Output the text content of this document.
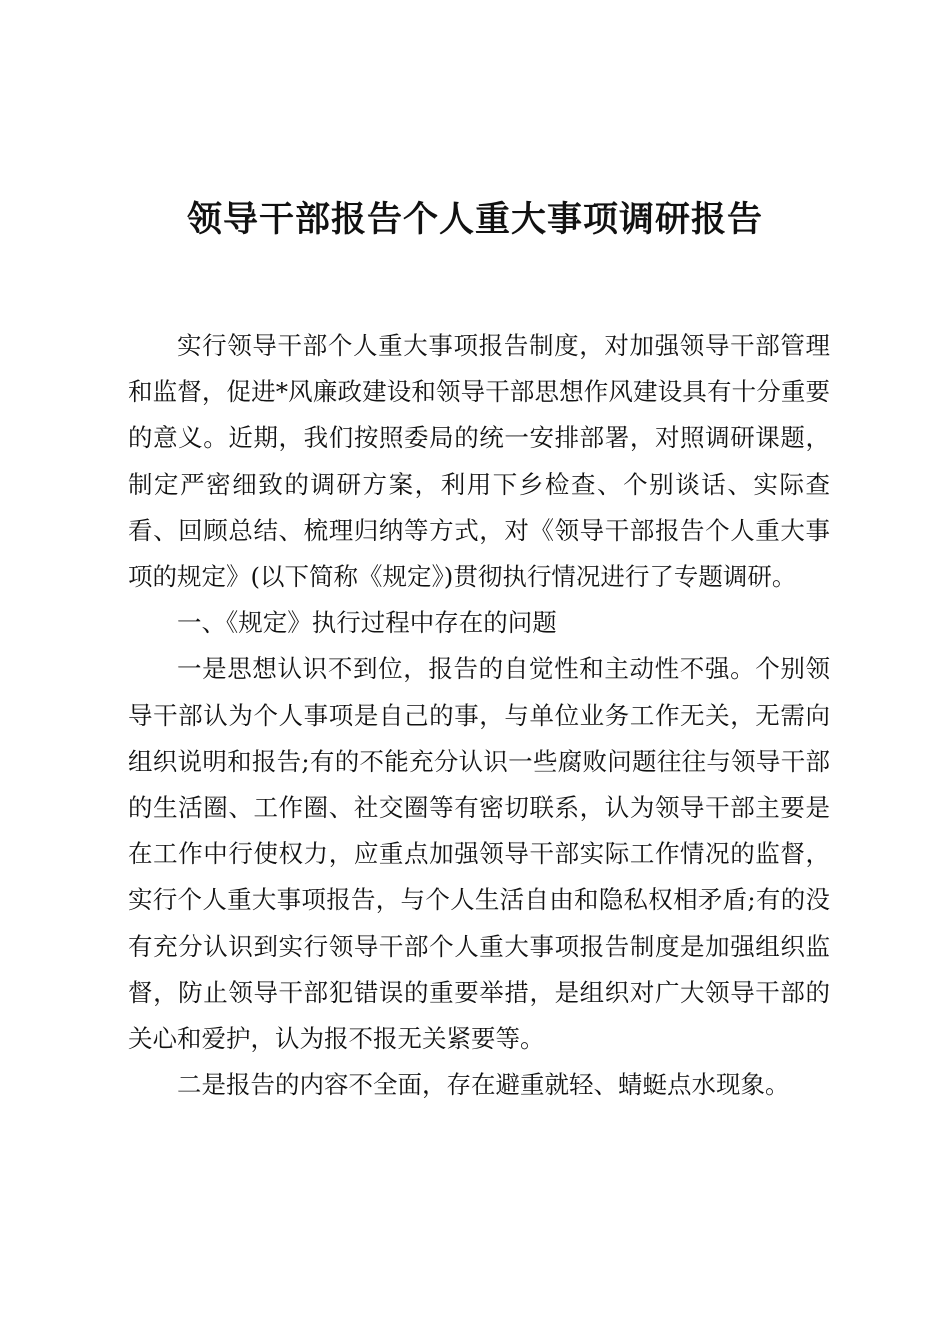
领导干部报告个人重大事项调研报告

实行领导干部个人重大事项报告制度，对加强领导干部管理和监督，促进*风廉政建设和领导干部思想作风建设具有十分重要的意义。近期，我们按照委局的统一安排部署，对照调研课题，制定严密细致的调研方案，利用下乡检查、个别谈话、实际查看、回顾总结、梳理归纳等方式，对《领导干部报告个人重大事项的规定》(以下简称《规定》)贯彻执行情况进行了专题调研。

一、《规定》执行过程中存在的问题

一是思想认识不到位，报告的自觉性和主动性不强。个别领导干部认为个人事项是自己的事，与单位业务工作无关，无需向组织说明和报告;有的不能充分认识一些腐败问题往往与领导干部的生活圈、工作圈、社交圈等有密切联系，认为领导干部主要是在工作中行使权力，应重点加强领导干部实际工作情况的监督，实行个人重大事项报告，与个人生活自由和隐私权相矛盾;有的没有充分认识到实行领导干部个人重大事项报告制度是加强组织监督，防止领导干部犯错误的重要举措，是组织对广大领导干部的关心和爱护，认为报不报无关紧要等。

二是报告的内容不全面，存在避重就轻、蜻蜓点水现象。
